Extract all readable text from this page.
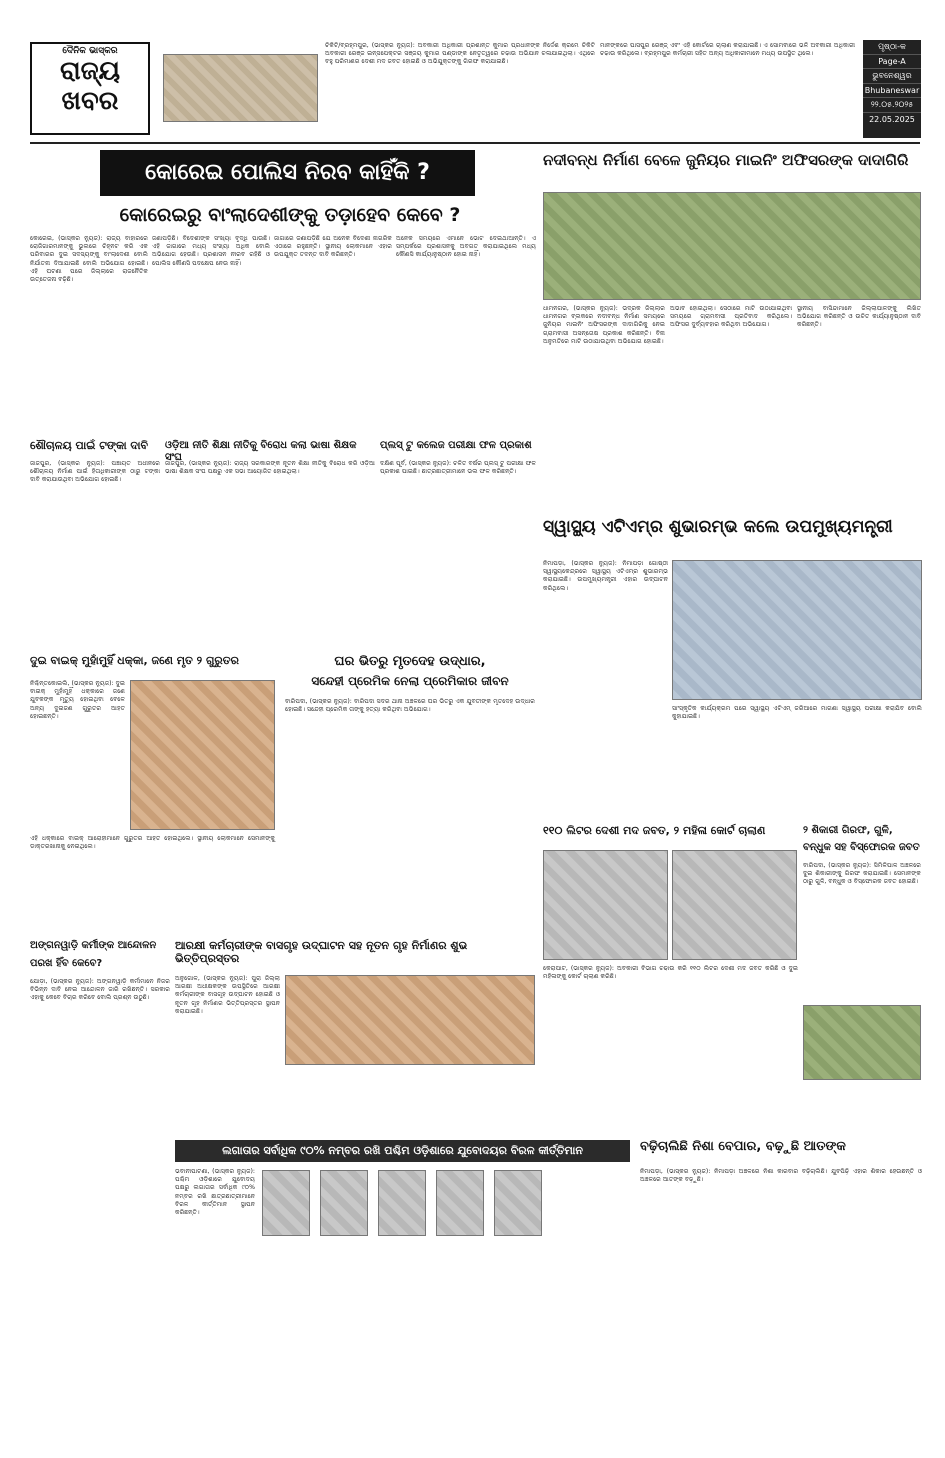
ଦୈନିକ ଭାସ୍କର
ରାଜ୍ୟ
ଖବର
ଚିକିଟି/ବ୍ରହ୍ମପୁର, (ଭାସ୍କର ନ୍ୟୁଜ): ଅବକାରୀ ଅଧିକାରୀ ପ୍ରଶାନ୍ତ କୁମାର ପ୍ରଧାନଙ୍କ ନିର୍ଦ୍ଦେଶ କ୍ରମେ ଚିକିଟି ଅବକାରୀ ରେଞ୍ଜ ଇନ୍ସପେକ୍ଟର ସଞ୍ଜୟ କୁମାର ପଣ୍ଡାଙ୍କ ନେତୃତ୍ୱରେ ଚଢାଉ ଅଭିଯାନ ଚଳାଯାଇଥିଲା। ଏଥିରେ ବହୁ ପରିମାଣର ଦେଶୀ ମଦ ଜବତ ହୋଇଛି ଓ ଅଭିଯୁକ୍ତଙ୍କୁ ଗିରଫ କରାଯାଇଛି।
ମାନଙ୍କରେ ପାସପୁର ରେଞ୍ଜ୍ ଏବଂ ଏହି କୋର୍ଟରେ ଚାଲାଣ କରାଯାଇଛି। ଏ ସୋମବାରେ ଭଳି ଅବକାରୀ ଅଧିକାରୀ ଚଢାଉ କରିଥିଲେ। ବ୍ରହ୍ମପୁର କର୍ମଚାରୀ ସହିତ ଅନ୍ୟ ଅଧିକାରୀମାନେ ମଧ୍ୟ ଉପସ୍ଥିତ ଥିଲେ।
ପୃଷ୍ଠା-କ
Page-A
ଭୁବନେଶ୍ୱର
Bhubaneswar
୨୨.୦୫.୨୦୨୫
22.05.2025
କୋରେଇ ପୋଲିସ ନିରବ କାହିଁକି ?
କୋରେଇରୁ ବାଂଲାଦେଶୀଙ୍କୁ ତଡ଼ାହେବ କେବେ ?
କୋରେଇ, (ଭାସ୍କର ନ୍ୟୁଜ): ରାଜ୍ୟ ବାହାରରେ ରୋଜିଗାରମାନଙ୍କୁ ଭୁଲରେ ଚିହ୍ନଟ କରି ଏକ ପରିବାରର ଦୁଇ ସଦସ୍ୟଙ୍କୁ ବାଂଲାଦେଶୀ ବୋଲି ନିର୍ଯାତନା ଦିଆଯାଇଛି ବୋଲି ଅଭିଯୋଗ ହୋଇଛି। ଏହି ଘଟଣା ପରେ ଜିଲ୍ଲାରେ ରାଜନୈତିକ ଉତ୍ତେଜନା ବଢ଼ିଛି।
ଜଣାପଡ଼ିଛି। ବିଦେଶୀଙ୍କ ସଂଖ୍ୟା ବୃଦ୍ଧି ପାଉଛି। ଏହି ଜାଗାରେ ମଧ୍ୟ ସଂଖ୍ୟା ଅଧିକ ବୋଲି ଅଭିଯୋଗ ହେଉଛି। ପ୍ରଶାସନ ନୀରବ ରହିଛି ଓ ପୋଲିସ କୌଣସି ପଦକ୍ଷେପ ନେଉ ନାହିଁ।
ଜାଗାରେ ଜଣାପଡ଼ିଛି ଯେ ଅନେକ ବିଦେଶୀ ନାଗରିକ ଏଠାରେ ରହୁଛନ୍ତି। ସ୍ଥାନୀୟ ଲୋକମାନେ ଏହାର ଉପଯୁକ୍ତ ତଦନ୍ତ ଦାବି କରିଛନ୍ତି।
ଅନେକ ସମୟରେ ଏମାନେ ଭୋଟ ଦେଇଥାଆନ୍ତି। ଏ ସମ୍ପର୍କରେ ପ୍ରଶାସନକୁ ଅବଗତ କରାଯାଇଥିଲେ ମଧ୍ୟ କୌଣସି କାର୍ଯ୍ୟାନୁଷ୍ଠାନ ହୋଇ ନାହିଁ।
ନଦୀବନ୍ଧ ନିର୍ମାଣ ବେଳେ ଜୁନିୟର ମାଇନିଂ ଅଫିସରଙ୍କ ଦାଦାଗିରି
ଧାମନଗର, (ଭାସ୍କର ନ୍ୟୁଜ): ଭଦ୍ରକ ଜିଲ୍ଲାର ଧାମନଗର ବ୍ଲକରେ ନଦୀବନ୍ଧ ନିର୍ମାଣ ସମୟରେ ଜୁନିୟର ମାଇନିଂ ଅଫିସରଙ୍କ ଦାଦାଗିରିକୁ ନେଇ ଗ୍ରାମବାସୀ ଅସନ୍ତୋଷ ପ୍ରକାଶ କରିଛନ୍ତି। ବିନା ଅନୁମତିରେ ମାଟି ଉଠାଯାଉଥିବା ଅଭିଯୋଗ ହୋଇଛି।
ଅଭାବ ହୋଇଥିଲା। ସେଠାରେ ମାଟି ଉଠାଯାଇଥିବା ସମୟରେ ଗ୍ରାମବାସୀ ପ୍ରତିବାଦ କରିଥିଲେ। ଅଫିସର ଦୁର୍ବ୍ୟବହାର କରିଥିବା ଅଭିଯୋଗ।
ସ୍ଥାନୀୟ ବାସିନ୍ଦାମାନେ ଜିଲ୍ଲାପାଳଙ୍କୁ ଲିଖିତ ଅଭିଯୋଗ କରିଛନ୍ତି ଓ ଉଚିତ କାର୍ଯ୍ୟାନୁଷ୍ଠାନ ଦାବି କରିଛନ୍ତି।
ଶୌଚାଳୟ ପାଇଁ ଟଙ୍କା ଦାବି
ଜାଜପୁର, (ଭାସ୍କର ନ୍ୟୁଜ): ପଞ୍ଚାୟତ ଅଧୀନରେ ଶୌଚାଳୟ ନିର୍ମାଣ ପାଇଁ ହିତାଧିକାରୀଙ୍କ ଠାରୁ ଟଙ୍କା ଦାବି କରାଯାଉଥିବା ଅଭିଯୋଗ ହୋଇଛି।
ଓଡ଼ିଆ ନୀତି ଶିକ୍ଷା ନୀତିକୁ ବିରୋଧ କଲା ଭାଷା ଶିକ୍ଷକ ସଂଘ
ଜାଜପୁର, (ଭାସ୍କର ନ୍ୟୁଜ): ରାଜ୍ୟ ସରକାରଙ୍କ ନୂତନ ଶିକ୍ଷା ନୀତିକୁ ବିରୋଧ କରି ଓଡ଼ିଆ ଭାଷା ଶିକ୍ଷକ ସଂଘ ପକ୍ଷରୁ ଏକ ସଭା ଆୟୋଜିତ ହୋଇଥିଲା।
ପ୍ଲସ୍ ଟୁ କଲେଜ ପରୀକ୍ଷା ଫଳ ପ୍ରକାଶ
ଦକ୍ଷିଣ ପୂର୍ବ, (ଭାସ୍କର ନ୍ୟୁଜ): ଚଳିତ ବର୍ଷର ପ୍ଲସ୍ ଟୁ ପରୀକ୍ଷା ଫଳ ପ୍ରକାଶ ପାଇଛି। ଛାତ୍ରଛାତ୍ରୀମାନେ ଭଲ ଫଳ କରିଛନ୍ତି।
ସ୍ୱାସ୍ଥ୍ୟ ଏଟିଏମ୍‌ର ଶୁଭାରମ୍ଭ କଲେ ଉପମୁଖ୍ୟମନ୍ତ୍ରୀ
ନିମାପଡ଼ା, (ଭାସ୍କର ନ୍ୟୁଜ): ନିମାପଡ଼ା ଗୋଷ୍ଠୀ ସ୍ୱାସ୍ଥ୍ୟକେନ୍ଦ୍ରରେ ସ୍ୱାସ୍ଥ୍ୟ ଏଟିଏମ୍‌ର ଶୁଭାରମ୍ଭ କରାଯାଇଛି। ଉପମୁଖ୍ୟମନ୍ତ୍ରୀ ଏହାର ଉଦ୍‌ଘାଟନ କରିଥିଲେ।
ସାଂସ୍କୃତିକ କାର୍ଯ୍ୟକ୍ରମ ପରେ ସ୍ୱାସ୍ଥ୍ୟ ଏଟିଏମ୍ ଜରିଆରେ ମାଗଣା ସ୍ୱାସ୍ଥ୍ୟ ପରୀକ୍ଷା କରାଯିବ ବୋଲି କୁହାଯାଇଛି।
ଦୁଇ ବାଇକ୍ ମୁହାଁମୁହିଁ ଧକ୍କା, ଜଣେ ମୃତ ୨ ଗୁରୁତର
ନିଶ୍ଚିନ୍ତକୋଇଲି, (ଭାସ୍କର ନ୍ୟୁଜ): ଦୁଇ ବାଇକ୍ ମୁହାଁମୁହିଁ ଧକ୍କାରେ ଜଣେ ଯୁବକଙ୍କ ମୃତ୍ୟୁ ହୋଇଥିବା ବେଳେ ଅନ୍ୟ ଦୁଇଜଣ ଗୁରୁତର ଆହତ ହୋଇଛନ୍ତି।
ଏହି ଧକ୍କାରେ ବାଇକ୍ ଆରୋହୀମାନେ ଗୁରୁତର ଆହତ ହୋଇଥିଲେ। ସ୍ଥାନୀୟ ଲୋକମାନେ ସେମାନଙ୍କୁ ଡାକ୍ତରଖାନାକୁ ନେଇଥିଲେ।
ଘର ଭିତରୁ ମୃତଦେହ ଉଦ୍ଧାର,
ସନ୍ଦେହୀ ପ୍ରେମିକ ନେଲା ପ୍ରେମିକାର ଜୀବନ
ବାରିପଦା, (ଭାସ୍କର ନ୍ୟୁଜ): ବାରିପଦା ସଦର ଥାନା ଅଞ୍ଚଳରେ ଘର ଭିତରୁ ଏକ ଯୁବତୀଙ୍କ ମୃତଦେହ ଉଦ୍ଧାର ହୋଇଛି। ସନ୍ଦେହୀ ପ୍ରେମିକ ତାଙ୍କୁ ହତ୍ୟା କରିଥିବା ଅଭିଯୋଗ।
୧୧୦ ଲିଟର ଦେଶୀ ମଦ ଜବତ, ୨ ମହିଳା କୋର୍ଟ ଚାଲାଣ
କେରାପାଟ, (ଭାସ୍କର ନ୍ୟୁଜ): ଅବକାରୀ ବିଭାଗ ଚଢାଉ କରି ୧୧୦ ଲିଟର ଦେଶୀ ମଦ ଜବତ କରିଛି ଓ ଦୁଇ ମହିଳାଙ୍କୁ କୋର୍ଟ ଚାଲାଣ କରିଛି।
୨ ଶିକାରୀ ଗିରଫ, ଗୁଳି,
ବନ୍ଧୁକ ସହ ବିସ୍ଫୋରକ ଜବତ
ବାରିପଦା, (ଭାସ୍କର ନ୍ୟୁଜ): ସିମିଳିପାଳ ଅଞ୍ଚଳରେ ଦୁଇ ଶିକାରୀଙ୍କୁ ଗିରଫ କରାଯାଇଛି। ସେମାନଙ୍କ ଠାରୁ ଗୁଳି, ବନ୍ଧୁକ ଓ ବିସ୍ଫୋରକ ଜବତ ହୋଇଛି।
ଅଙ୍ଗନୱାଡ଼ି କର୍ମୀଙ୍କ ଆନ୍ଦୋଳନ
ପରଖ ହିଁବ କେବେ?
ଯୋଡ଼ା, (ଭାସ୍କର ନ୍ୟୁଜ): ଅଙ୍ଗନୱାଡ଼ି କର୍ମୀମାନେ ନିଜର ବିଭିନ୍ନ ଦାବି ନେଇ ଆନ୍ଦୋଳନ ଜାରି ରଖିଛନ୍ତି। ସରକାର ଏହାକୁ କେବେ ବିଚାର କରିବେ ବୋଲି ପ୍ରଶ୍ନ ଉଠୁଛି।
ଆରକ୍ଷୀ କର୍ମଚାରୀଙ୍କ ବାସଗୃହ ଉଦ୍‌ଘାଟନ ସହ ନୂତନ ଗୃହ ନିର୍ମାଣର ଶୁଭ ଭିତ୍ତିପ୍ରସ୍ତର
ଅନୁଗୋଳ, (ଭାସ୍କର ନ୍ୟୁଜ): ପୁରା ଜିଲ୍ଲା ଆରକ୍ଷୀ ଅଧୀକ୍ଷକଙ୍କ ଉପସ୍ଥିତିରେ ଆରକ୍ଷୀ କର୍ମଚାରୀଙ୍କ ବାସଗୃହ ଉଦ୍‌ଘାଟନ ହୋଇଛି ଓ ନୂତନ ଗୃହ ନିର୍ମାଣର ଭିତ୍ତିପ୍ରସ୍ତର ସ୍ଥାପନ କରାଯାଇଛି।
ଲଗାତାର ସର୍ବାଧିକ ୯୦% ନମ୍ବର ରଖି ପଶ୍ଚିମ ଓଡ଼ିଶାରେ ଯୁବୋଦୟର ବିରଳ କୀର୍ତ୍ତିମାନ
ଭବାନୀପାଟଣା, (ଭାସ୍କର ନ୍ୟୁଜ): ପଶ୍ଚିମ ଓଡ଼ିଶାରେ ଯୁବୋଦୟ ପକ୍ଷରୁ ଲଗାତାର ସର୍ବାଧିକ ୯୦% ନମ୍ବର ରଖି ଛାତ୍ରଛାତ୍ରୀମାନେ ବିରଳ କୀର୍ତ୍ତିମାନ ସ୍ଥାପନ କରିଛନ୍ତି।
ବଢ଼ିଚାଲିଛି ନିଶା ବେପାର, ବଢ଼ୁଛି ଆତଙ୍କ
ନିମାପଡ଼ା, (ଭାସ୍କର ନ୍ୟୁଜ): ନିମାପଡ଼ା ଅଞ୍ଚଳରେ ନିଶା କାରବାର ବଢ଼ିଚାଲିଛି। ଯୁବପିଢ଼ି ଏହାର ଶିକାର ହେଉଛନ୍ତି ଓ ଅଞ୍ଚଳରେ ଆତଙ୍କ ବଢ଼ୁଛି।
